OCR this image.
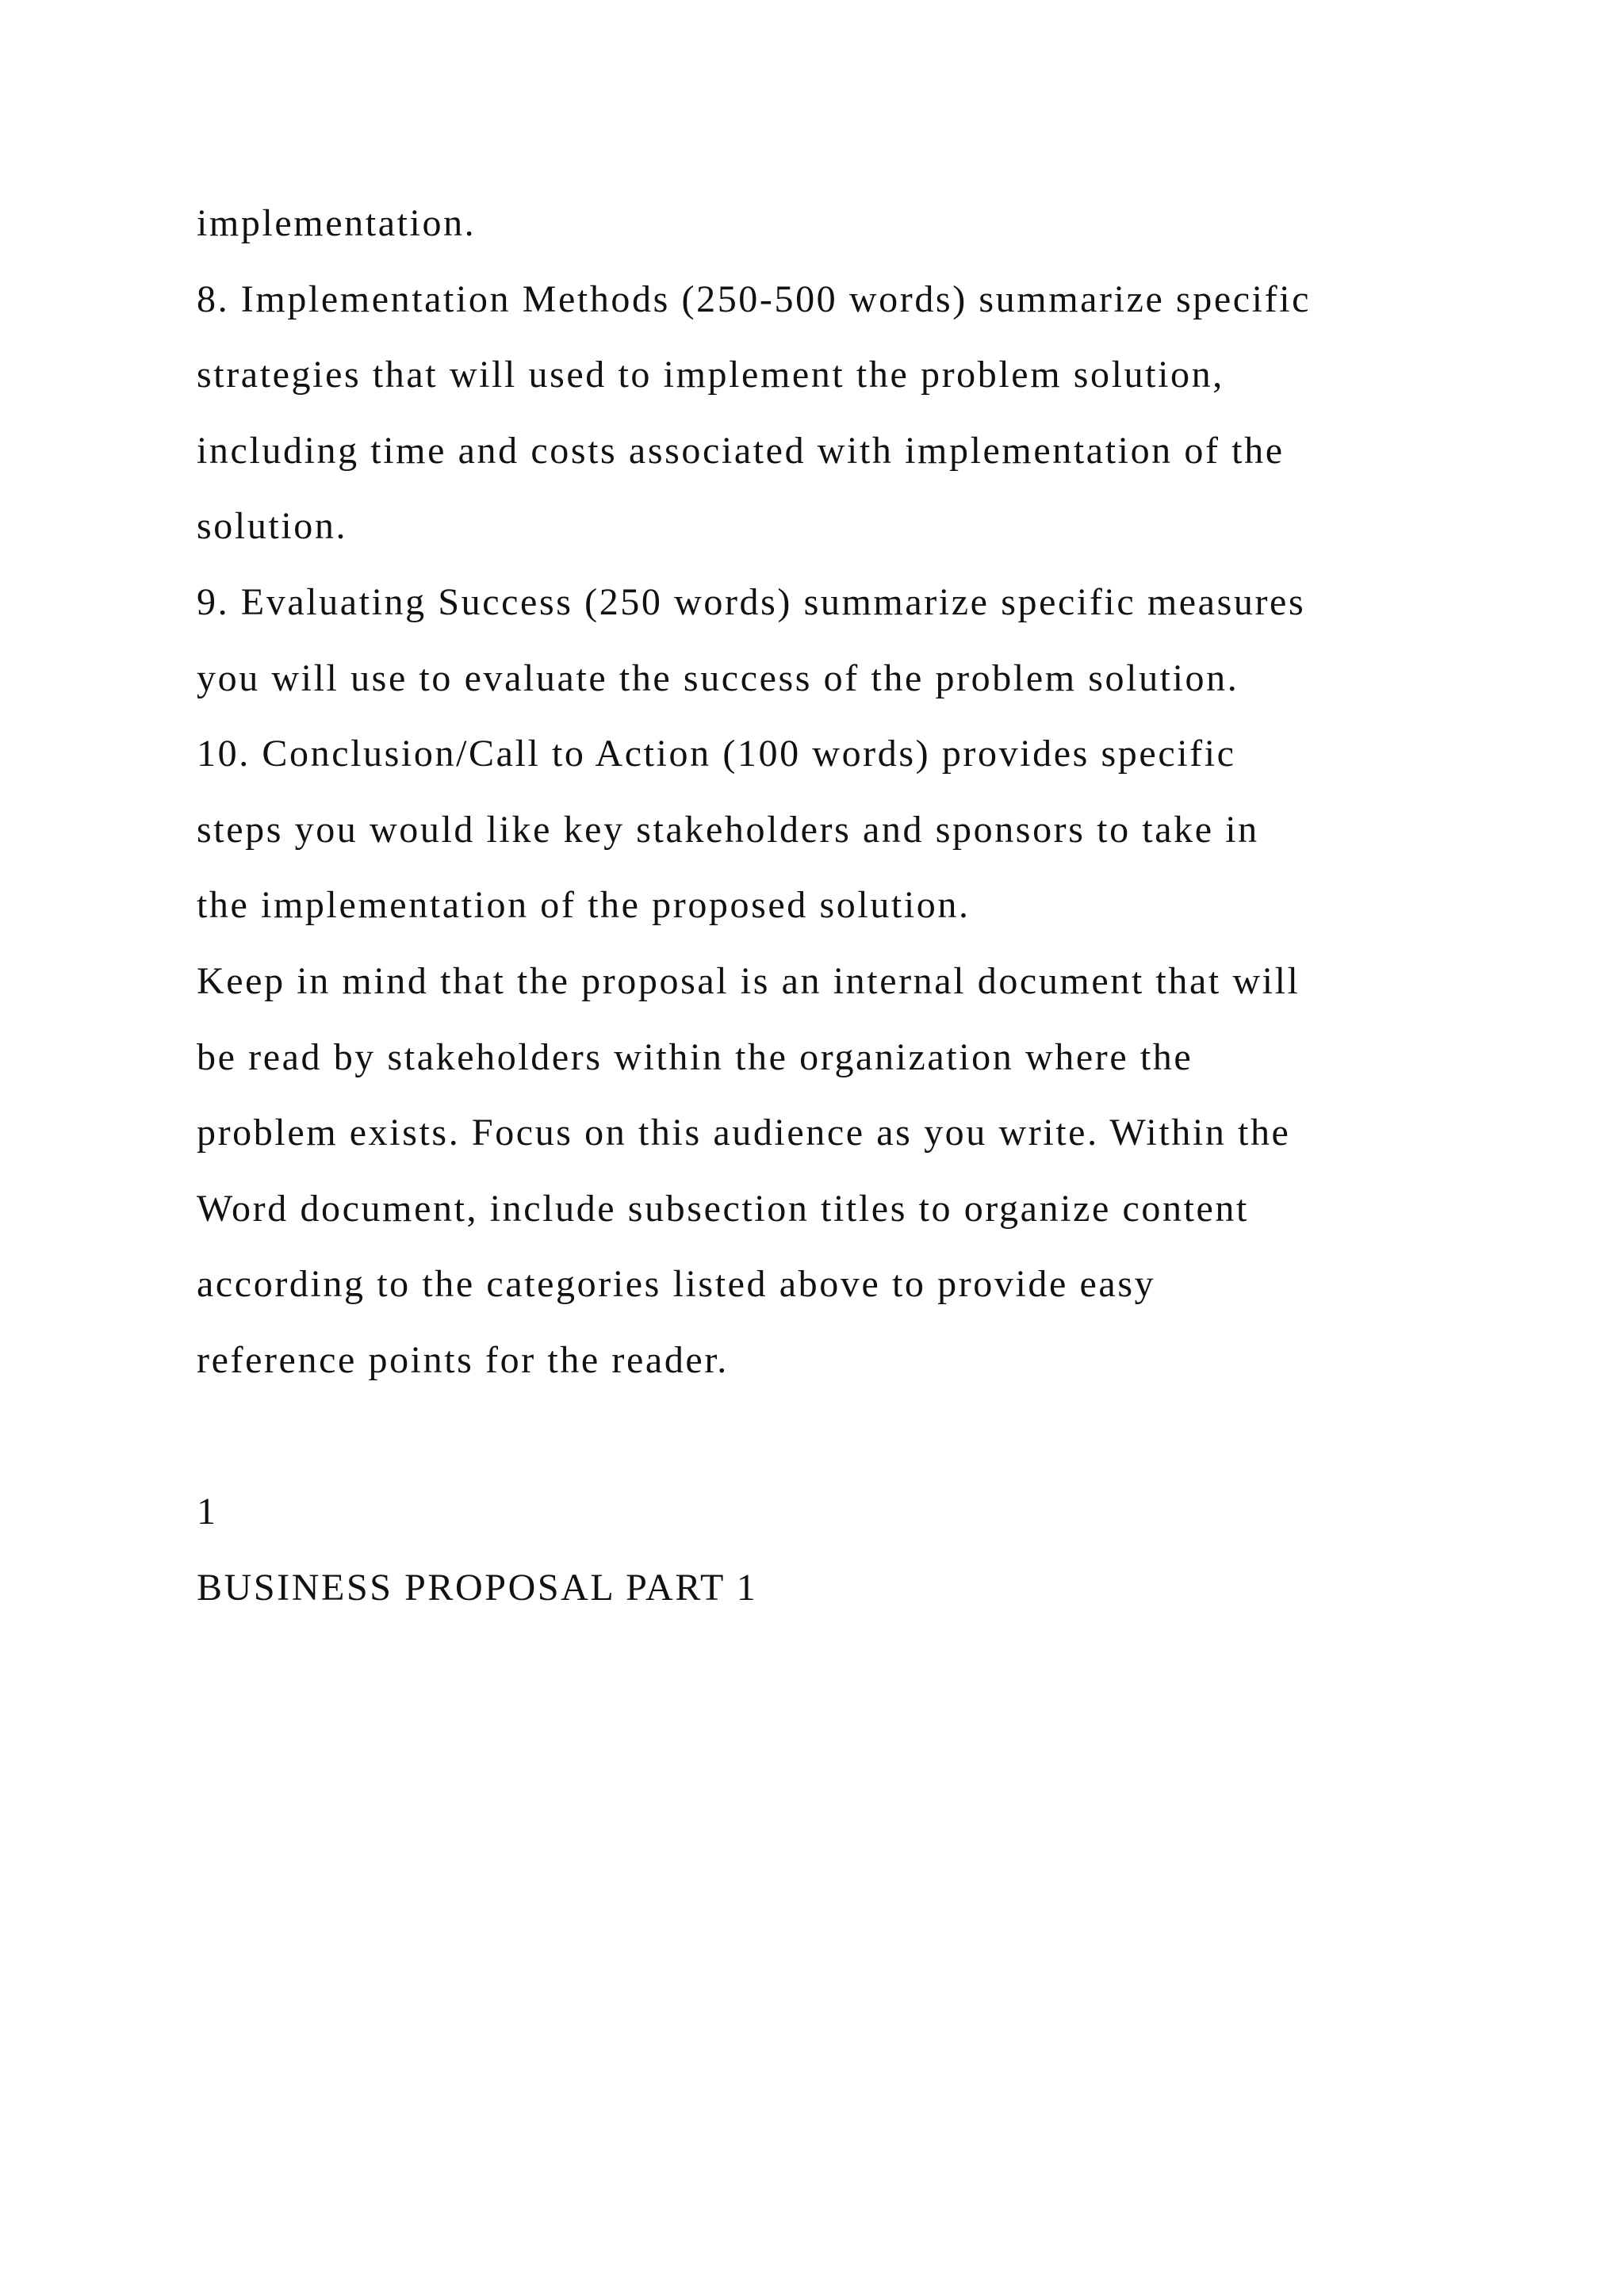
implementation.
8. Implementation Methods (250-500 words) summarize specific
strategies that will used to implement the problem solution,
including time and costs associated with implementation of the
solution.
9. Evaluating Success (250 words) summarize specific measures
you will use to evaluate the success of the problem solution.
10. Conclusion/Call to Action (100 words) provides specific
steps you would like key stakeholders and sponsors to take in
the implementation of the proposed solution.
Keep in mind that the proposal is an internal document that will
be read by stakeholders within the organization where the
problem exists. Focus on this audience as you write. Within the
Word document, include subsection titles to organize content
according to the categories listed above to provide easy
reference points for the reader.
1
BUSINESS PROPOSAL PART 1
